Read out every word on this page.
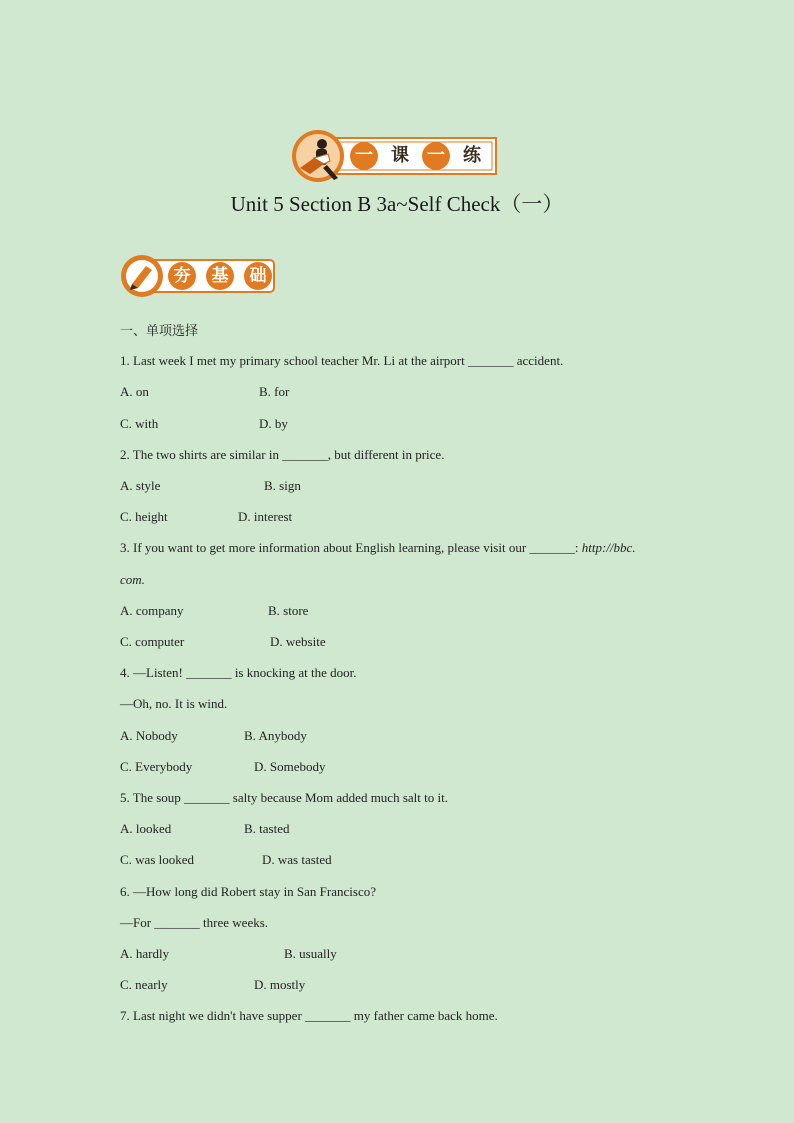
一 课 一 练
Unit 5 Section B 3a~Self Check（一）
夯	基	础
一、单项选择
1. Last week I met my primary school teacher Mr. Li at the airport _______ accident.
A. on	B. for
C. with	D. by
2. The two shirts are similar in _______, but different in price.
A. style	B. sign
C. height	D. interest
3. If you want to get more information about English learning, please visit our _______: http://bbc.
com.
A. company	B. store
C. computer	D. website
4. —Listen! _______ is knocking at the door.
—Oh, no. It is wind.
A. Nobody	B. Anybody
C. Everybody	D. Somebody
5. The soup _______ salty because Mom added much salt to it.
A. looked	B. tasted
C. was looked	D. was tasted
6. —How long did Robert stay in San Francisco?
—For _______ three weeks.
A. hardly	B. usually
C. nearly	D. mostly
7. Last night we didn't have supper _______ my father came back home.
